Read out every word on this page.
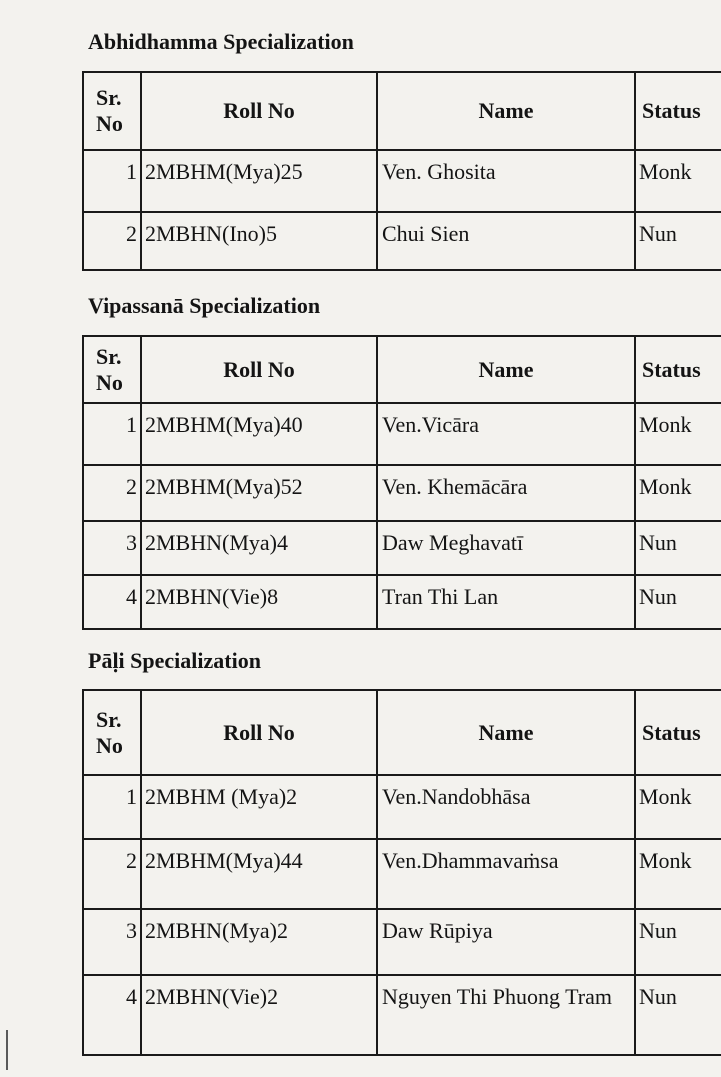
Abhidhamma Specialization
Sr. No	Roll No	Name	Status
1	2MBHM(Mya)25	Ven. Ghosita	Monk
2	2MBHN(Ino)5	Chui Sien	Nun
Vipassanā Specialization
Sr. No	Roll No	Name	Status
1	2MBHM(Mya)40	Ven.Vicāra	Monk
2	2MBHM(Mya)52	Ven. Khemācāra	Monk
3	2MBHN(Mya)4	Daw Meghavatī	Nun
4	2MBHN(Vie)8	Tran Thi Lan	Nun
Pāḷi Specialization
Sr. No	Roll No	Name	Status
1	2MBHM (Mya)2	Ven.Nandobhāsa	Monk
2	2MBHM(Mya)44	Ven.Dhammavaṁsa	Monk
3	2MBHN(Mya)2	Daw Rūpiya	Nun
4	2MBHN(Vie)2	Nguyen Thi Phuong Tram	Nun
